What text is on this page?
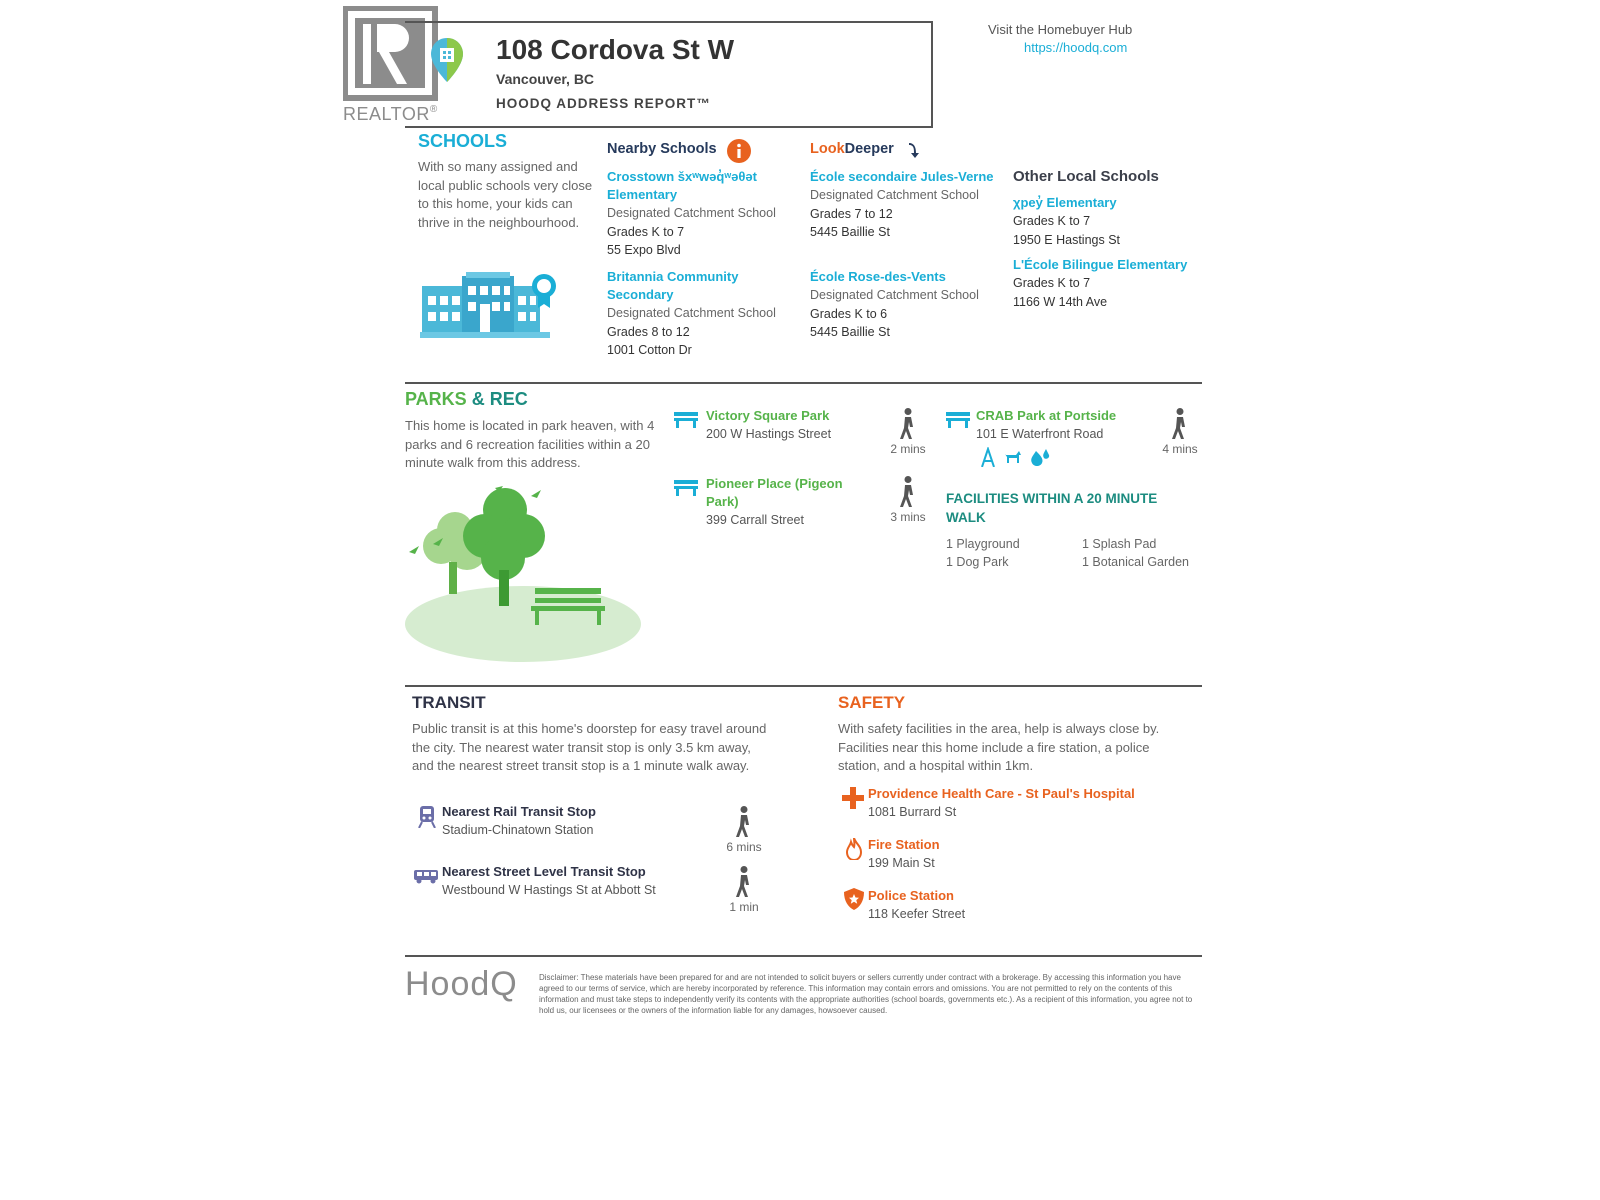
REALTOR®
108 Cordova St W
Vancouver, BC
HOODQ ADDRESS REPORT™
Visit the Homebuyer Hub
https://hoodq.com
SCHOOLS
With so many assigned and local public schools very close to this home, your kids can thrive in the neighbourhood.
Nearby Schools
Crosstown šxʷwəq̓ʷəθət Elementary
Designated Catchment School
Grades K to 7
55 Expo Blvd
Britannia Community Secondary
Designated Catchment School
Grades 8 to 12
1001 Cotton Dr
LookDeeper
École secondaire Jules-Verne
Designated Catchment School
Grades 7 to 12
5445 Baillie St
École Rose-des-Vents
Designated Catchment School
Grades K to 6
5445 Baillie St
Other Local Schools
χpey̓ Elementary
Grades K to 7
1950 E Hastings St
L'École Bilingue Elementary
Grades K to 7
1166 W 14th Ave
PARKS & REC
This home is located in park heaven, with 4 parks and 6 recreation facilities within a 20 minute walk from this address.
Victory Square Park
200 W Hastings Street
2 mins
Pioneer Place (Pigeon Park)
399 Carrall Street	3 mins
CRAB Park at Portside
101 E Waterfront Road
4 mins
FACILITIES WITHIN A 20 MINUTE WALK
1 Playground	1 Splash Pad
1 Dog Park	1 Botanical Garden
TRANSIT
Public transit is at this home's doorstep for easy travel around the city. The nearest water transit stop is only 3.5 km away, and the nearest street transit stop is a 1 minute walk away.
Nearest Rail Transit Stop
Stadium-Chinatown Station
6 mins
Nearest Street Level Transit Stop
Westbound W Hastings St at Abbott St
1 min
SAFETY
With safety facilities in the area, help is always close by. Facilities near this home include a fire station, a police station, and a hospital within 1km.
Providence Health Care - St Paul's Hospital
1081 Burrard St
Fire Station
199 Main St
Police Station
118 Keefer Street
HoodQ	Disclaimer: These materials have been prepared for and are not intended to solicit buyers or sellers currently under contract with a brokerage. By accessing this information you have agreed to our terms of service, which are hereby incorporated by reference. This information may contain errors and omissions. You are not permitted to rely on the contents of this information and must take steps to independently verify its contents with the appropriate authorities (school boards, governments etc.). As a recipient of this information, you agree not to hold us, our licensees or the owners of the information liable for any damages, howsoever caused.
